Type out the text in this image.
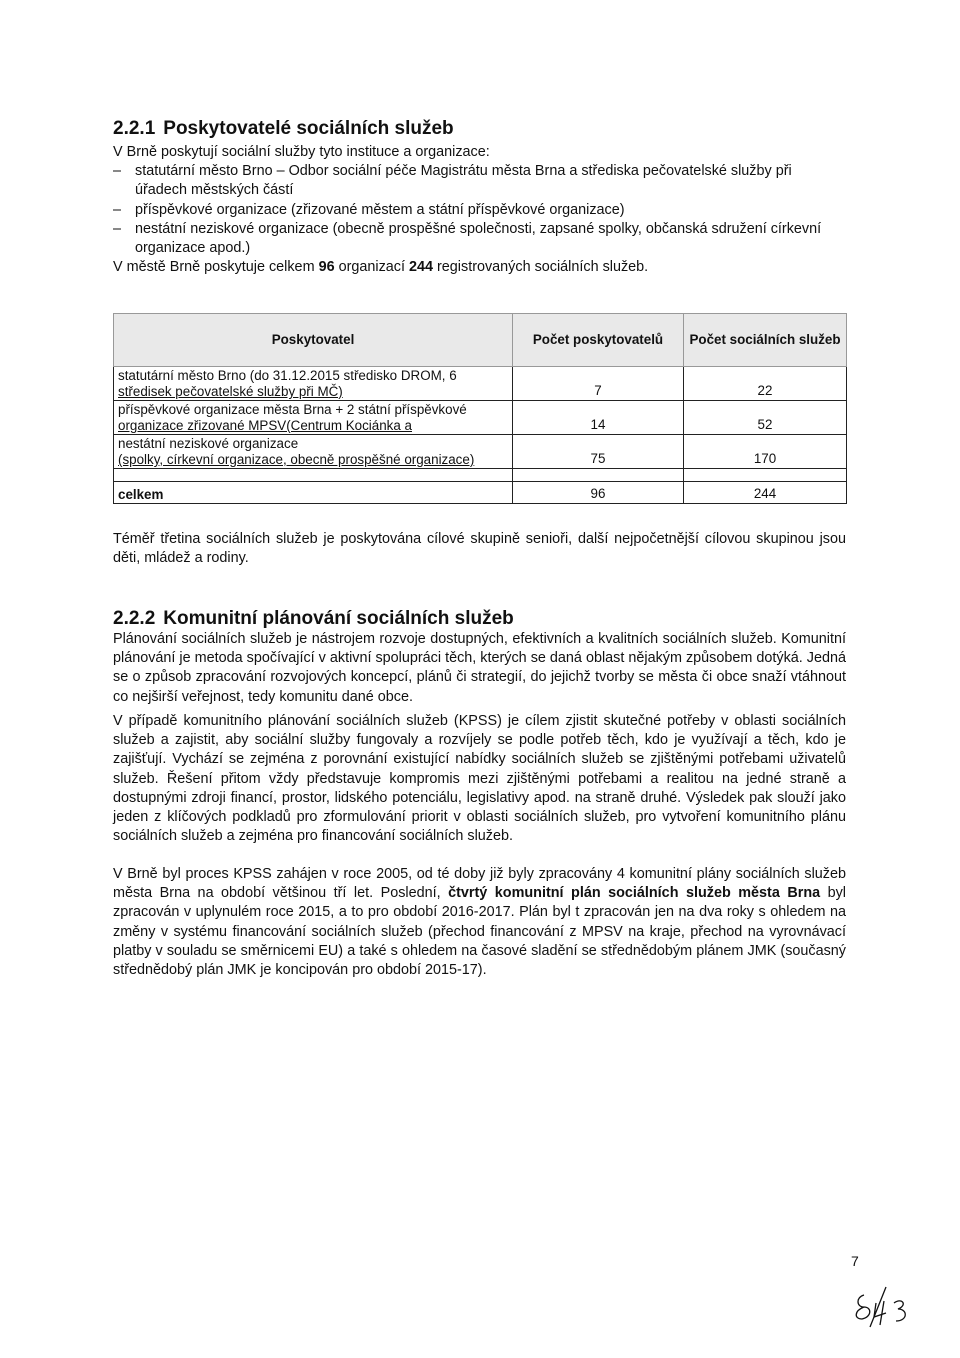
2.2.1 Poskytovatelé sociálních služeb

V Brně poskytují sociální služby tyto instituce a organizace:

– statutární město Brno – Odbor sociální péče Magistrátu města Brna a střediska pečovatelské služby při úřadech městských částí
– příspěvkové organizace (zřizované městem a státní příspěvkové organizace)
– nestátní neziskové organizace (obecně prospěšné společnosti, zapsané spolky, občanská sdružení církevní organizace apod.)

V městě Brně poskytuje celkem 96 organizací 244 registrovaných sociálních služeb.

Poskytovatel	Počet poskytovatelů	Počet sociálních služeb

statutární město Brno (do 31.12.2015 středisko DROM, 6
středisek pečovatelské služby při MČ)	7	22

příspěvkové organizace města Brna + 2 státní příspěvkové
organizace zřizované MPSV(Centrum Kociánka a	14	52

nestátní neziskové organizace
(spolky, církevní organizace, obecně prospěšné organizace)	75	170

celkem	96	244
Téměř třetina sociálních služeb je poskytována cílové skupině senioři, další nejpočetnější cílovou skupinou jsou děti, mládež a rodiny.
2.2.2 Komunitní plánování sociálních služeb
Plánování sociálních služeb je nástrojem rozvoje dostupných, efektivních a kvalitních sociálních služeb. Komunitní plánování je metoda spočívající v aktivní spolupráci těch, kterých se daná oblast nějakým způsobem dotýká. Jedná se o způsob zpracování rozvojových koncepcí, plánů či strategií, do jejichž tvorby se města či obce snaží vtáhnout co nejširší veřejnost, tedy komunitu dané obce.
V případě komunitního plánování sociálních služeb (KPSS) je cílem zjistit skutečné potřeby v oblasti sociálních služeb a zajistit, aby sociální služby fungovaly a rozvíjely se podle potřeb těch, kdo je využívají a těch, kdo je zajišťují. Vychází se zejména z porovnání existující nabídky sociálních služeb se zjištěnými potřebami uživatelů služeb. Řešení přitom vždy představuje kompromis mezi zjištěnými potřebami a realitou na jedné straně a dostupnými zdroji financí, prostor, lidského potenciálu, legislativy apod. na straně druhé. Výsledek pak slouží jako jeden z klíčových podkladů pro zformulování priorit v oblasti sociálních služeb, pro vytvoření komunitního plánu sociálních služeb a zejména pro financování sociálních služeb.
V Brně byl proces KPSS zahájen v roce 2005, od té doby již byly zpracovány 4 komunitní plány sociálních služeb města Brna na období většinou tří let. Poslední, čtvrtý komunitní plán sociálních služeb města Brna byl zpracován v uplynulém roce 2015, a to pro období 2016-2017. Plán byl t zpracován jen na dva roky s ohledem na změny v systému financování sociálních služeb (přechod financování z MPSV na kraje, přechod na vyrovnávací platby v souladu se směrnicemi EU) a také s ohledem na časové sladění se střednědobým plánem JMK (současný střednědobý plán JMK je koncipován pro období 2015-17).
7
